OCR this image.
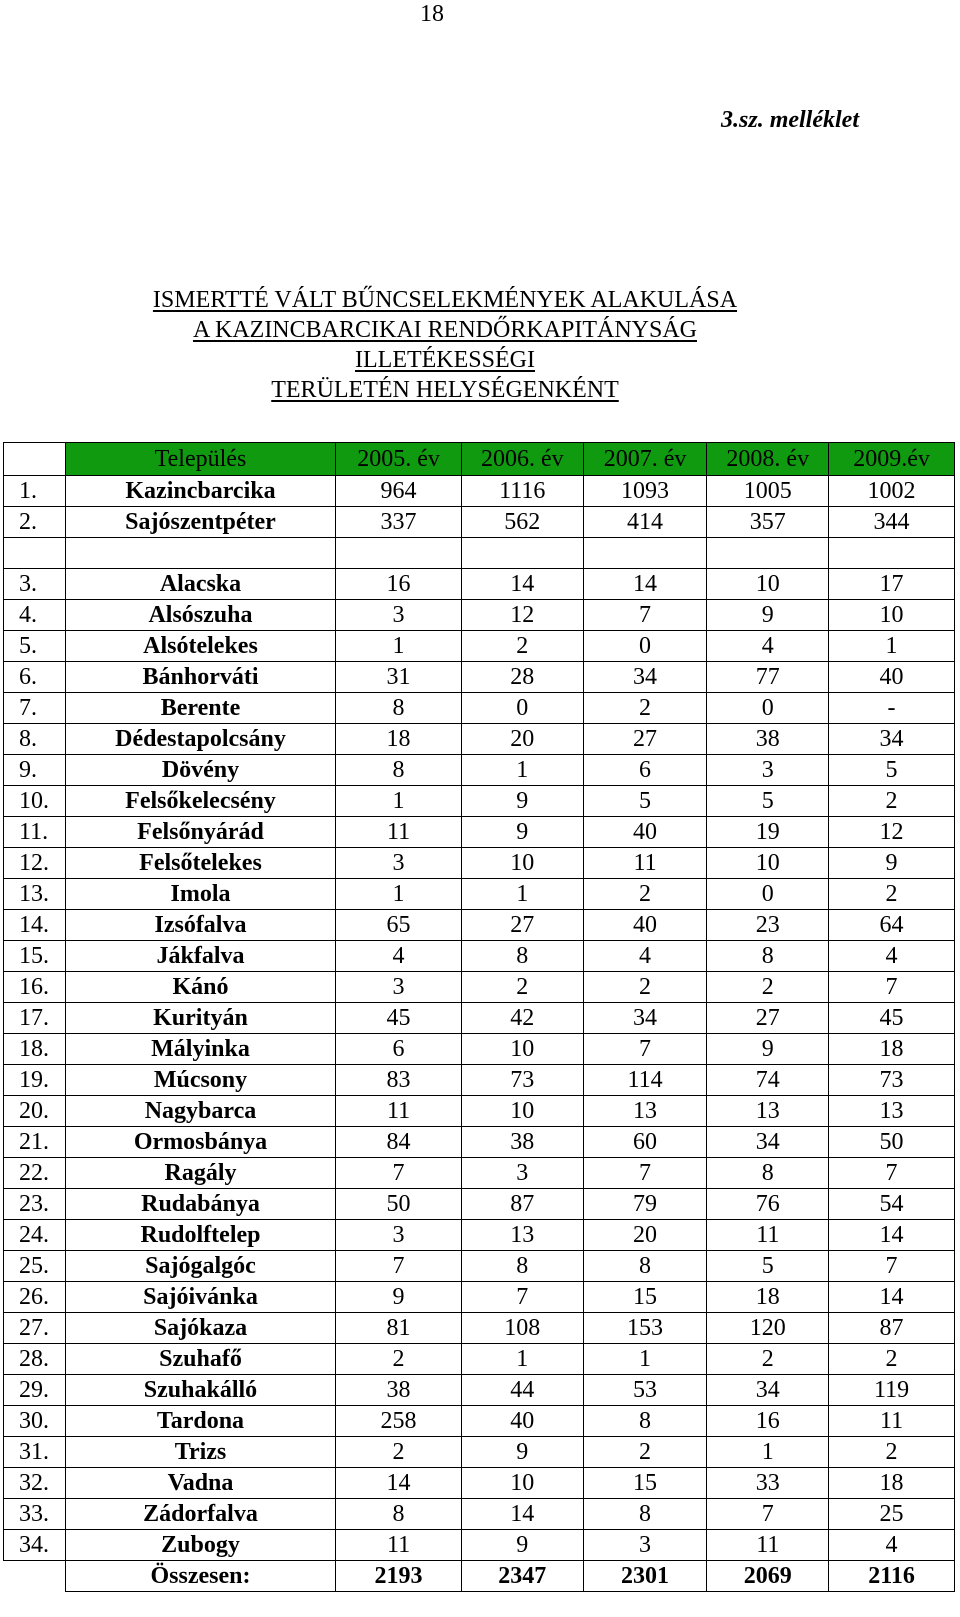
18
3.sz. melléklet
ISMERTTÉ VÁLT BŰNCSELEKMÉNYEK ALAKULÁSA
A KAZINCBARCIKAI RENDŐRKAPITÁNYSÁG
ILLETÉKESSÉGI
TERÜLETÉN HELYSÉGENKÉNT
	Település	2005. év	2006. év	2007. év	2008. év	2009.év
1.	Kazincbarcika	964	1116	1093	1005	1002
2.	Sajószentpéter	337	562	414	357	344

3.	Alacska	16	14	14	10	17
4.	Alsószuha	3	12	7	9	10
5.	Alsótelekes	1	2	0	4	1
6.	Bánhorváti	31	28	34	77	40
7.	Berente	8	0	2	0	-
8.	Dédestapolcsány	18	20	27	38	34
9.	Dövény	8	1	6	3	5
10.	Felsőkelecsény	1	9	5	5	2
11.	Felsőnyárád	11	9	40	19	12
12.	Felsőtelekes	3	10	11	10	9
13.	Imola	1	1	2	0	2
14.	Izsófalva	65	27	40	23	64
15.	Jákfalva	4	8	4	8	4
16.	Kánó	3	2	2	2	7
17.	Kurityán	45	42	34	27	45
18.	Mályinka	6	10	7	9	18
19.	Múcsony	83	73	114	74	73
20.	Nagybarca	11	10	13	13	13
21.	Ormosbánya	84	38	60	34	50
22.	Ragály	7	3	7	8	7
23.	Rudabánya	50	87	79	76	54
24.	Rudolftelep	3	13	20	11	14
25.	Sajógalgóc	7	8	8	5	7
26.	Sajóivánka	9	7	15	18	14
27.	Sajókaza	81	108	153	120	87
28.	Szuhafő	2	1	1	2	2
29.	Szuhakálló	38	44	53	34	119
30.	Tardona	258	40	8	16	11
31.	Trizs	2	9	2	1	2
32.	Vadna	14	10	15	33	18
33.	Zádorfalva	8	14	8	7	25
34.	Zubogy	11	9	3	11	4
	Összesen:	2193	2347	2301	2069	2116
